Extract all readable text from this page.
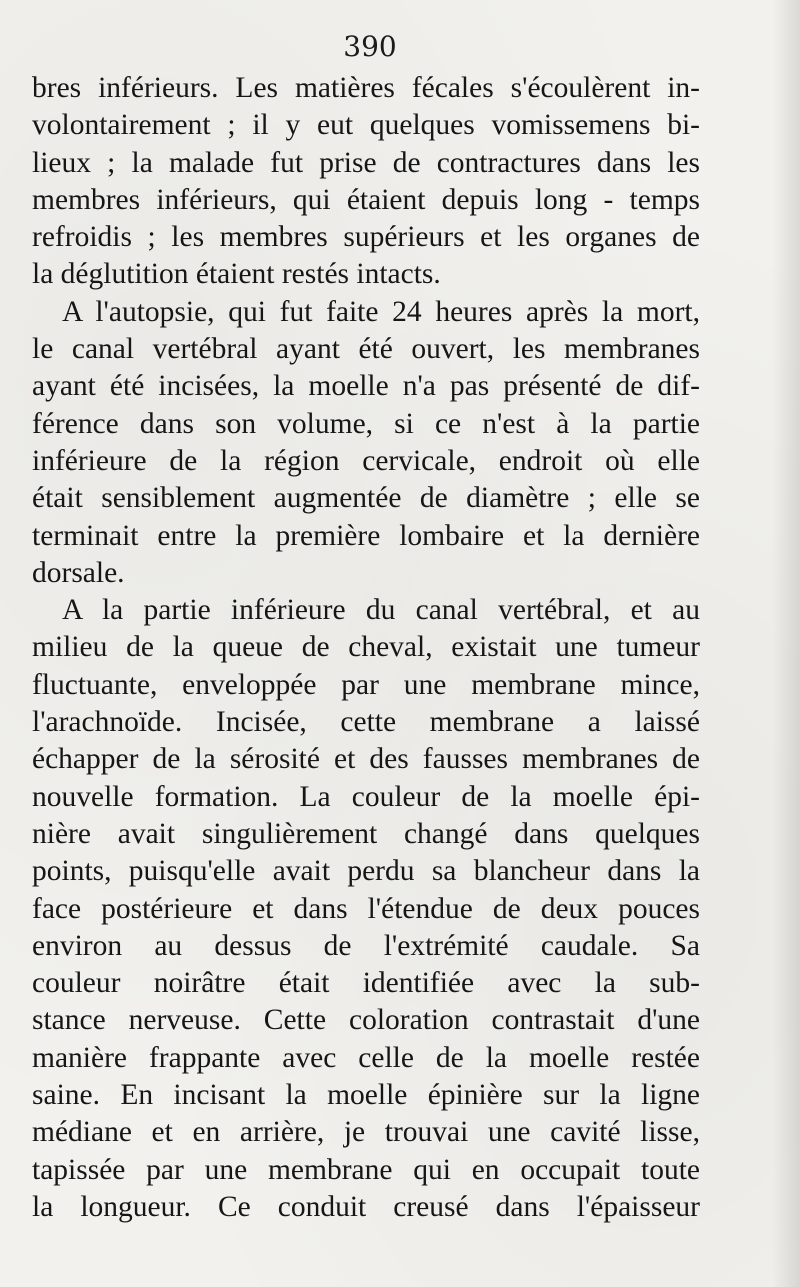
390
bres inférieurs. Les matières fécales s'écoulèrent in-
volontairement ; il y eut quelques vomissemens bi-
lieux ; la malade fut prise de contractures dans les
membres inférieurs, qui étaient depuis long - temps
refroidis ; les membres supérieurs et les organes de
la déglutition étaient restés intacts.
A l'autopsie, qui fut faite 24 heures après la mort,
le canal vertébral ayant été ouvert, les membranes
ayant été incisées, la moelle n'a pas présenté de dif-
férence dans son volume, si ce n'est à la partie
inférieure de la région cervicale, endroit où elle
était sensiblement augmentée de diamètre ; elle se
terminait entre la première lombaire et la dernière
dorsale.
A la partie inférieure du canal vertébral, et au
milieu de la queue de cheval, existait une tumeur
fluctuante, enveloppée par une membrane mince,
l'arachnoïde. Incisée, cette membrane a laissé
échapper de la sérosité et des fausses membranes de
nouvelle formation. La couleur de la moelle épi-
nière avait singulièrement changé dans quelques
points, puisqu'elle avait perdu sa blancheur dans la
face postérieure et dans l'étendue de deux pouces
environ au dessus de l'extrémité caudale. Sa
couleur noirâtre était identifiée avec la sub-
stance nerveuse. Cette coloration contrastait d'une
manière frappante avec celle de la moelle restée
saine. En incisant la moelle épinière sur la ligne
médiane et en arrière, je trouvai une cavité lisse,
tapissée par une membrane qui en occupait toute
la longueur. Ce conduit creusé dans l'épaisseur
